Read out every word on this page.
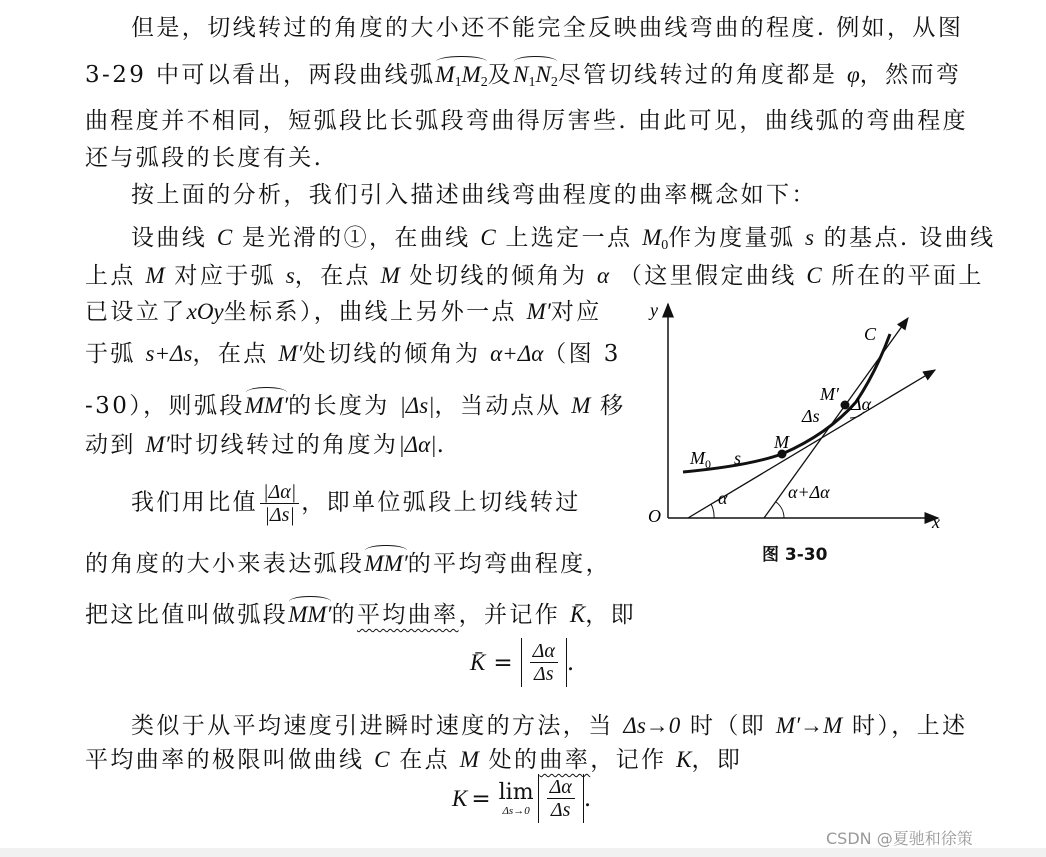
但是，切线转过的角度的大小还不能完全反映曲线弯曲的程度. 例如，从图
3-29 中可以看出，两段曲线弧$M_1M_2$及$N_1N_2$尽管切线转过的角度都是 φ，然而弯
曲程度并不相同，短弧段比长弧段弯曲得厉害些. 由此可见，曲线弧的弯曲程度
还与弧段的长度有关.
按上面的分析，我们引入描述曲线弯曲程度的曲率概念如下：
设曲线 C 是光滑的①，在曲线 C 上选定一点 $M_0$作为度量弧 s 的基点. 设曲线
上点 M 对应于弧 s，在点 M 处切线的倾角为 α （这里假定曲线 C 所在的平面上
已设立了xOy坐标系），曲线上另外一点 M′对应
于弧 s+Δs，在点 M′处切线的倾角为 α+Δα（图 3
-30），则弧段MM′的长度为 |Δs|，当动点从 M 移
动到 M′时切线转过的角度为|Δα|.
我们用比值 $\frac{|\Delta\alpha|}{|\Delta s|}$ ，即单位弧段上切线转过
的角度的大小来表达弧段MM′的平均弯曲程度，
把这比值叫做弧段MM′的平均曲率，并记作 K̄，即
K̄ = $\frac{\Delta\alpha}{\Delta s}$ .
类似于从平均速度引进瞬时速度的方法，当 Δs→0 时（即 M′→M 时），上述
平均曲率的极限叫做曲线 C 在点 M 处的曲率，记作 K，即
K = lim
$\Delta s\to 0 \frac{\Delta\alpha}{\Delta s}$ .
y
x
O
C
M′
Δs
Δα
M
$M_0$ s
α	α+Δα
图 3-30
CSDN @夏驰和徐策
